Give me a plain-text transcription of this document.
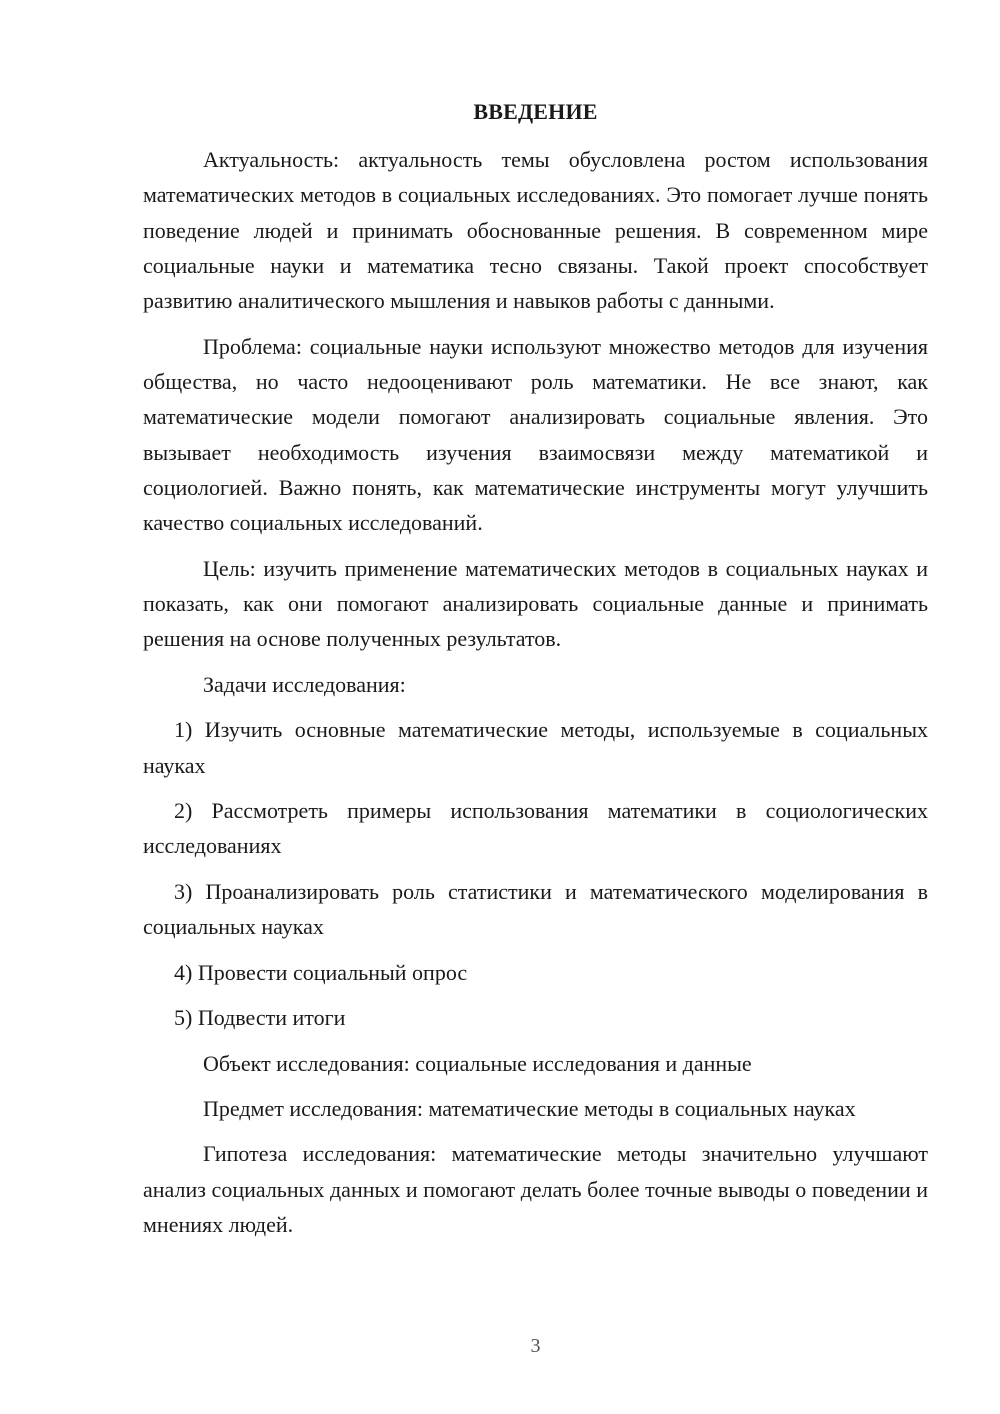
ВВЕДЕНИЕ

Актуальность: актуальность темы обусловлена ростом использования математических методов в социальных исследованиях. Это помогает лучше понять поведение людей и принимать обоснованные решения. В современном мире социальные науки и математика тесно связаны. Такой проект способствует развитию аналитического мышления и навыков работы с данными.

Проблема: социальные науки используют множество методов для изучения общества, но часто недооценивают роль математики. Не все знают, как математические модели помогают анализировать социальные явления. Это вызывает необходимость изучения взаимосвязи между математикой и социологией. Важно понять, как математические инструменты могут улучшить качество социальных исследований.

Цель: изучить применение математических методов в социальных науках и показать, как они помогают анализировать социальные данные и принимать решения на основе полученных результатов.

Задачи исследования:

1) Изучить основные математические методы, используемые в социальных науках

2) Рассмотреть примеры использования математики в социологических исследованиях

3) Проанализировать роль статистики и математического моделирования в социальных науках

4) Провести социальный опрос

5) Подвести итоги

Объект исследования: социальные исследования и данные

Предмет исследования: математические методы в социальных науках

Гипотеза исследования: математические методы значительно улучшают анализ социальных данных и помогают делать более точные выводы о поведении и мнениях людей.

3
